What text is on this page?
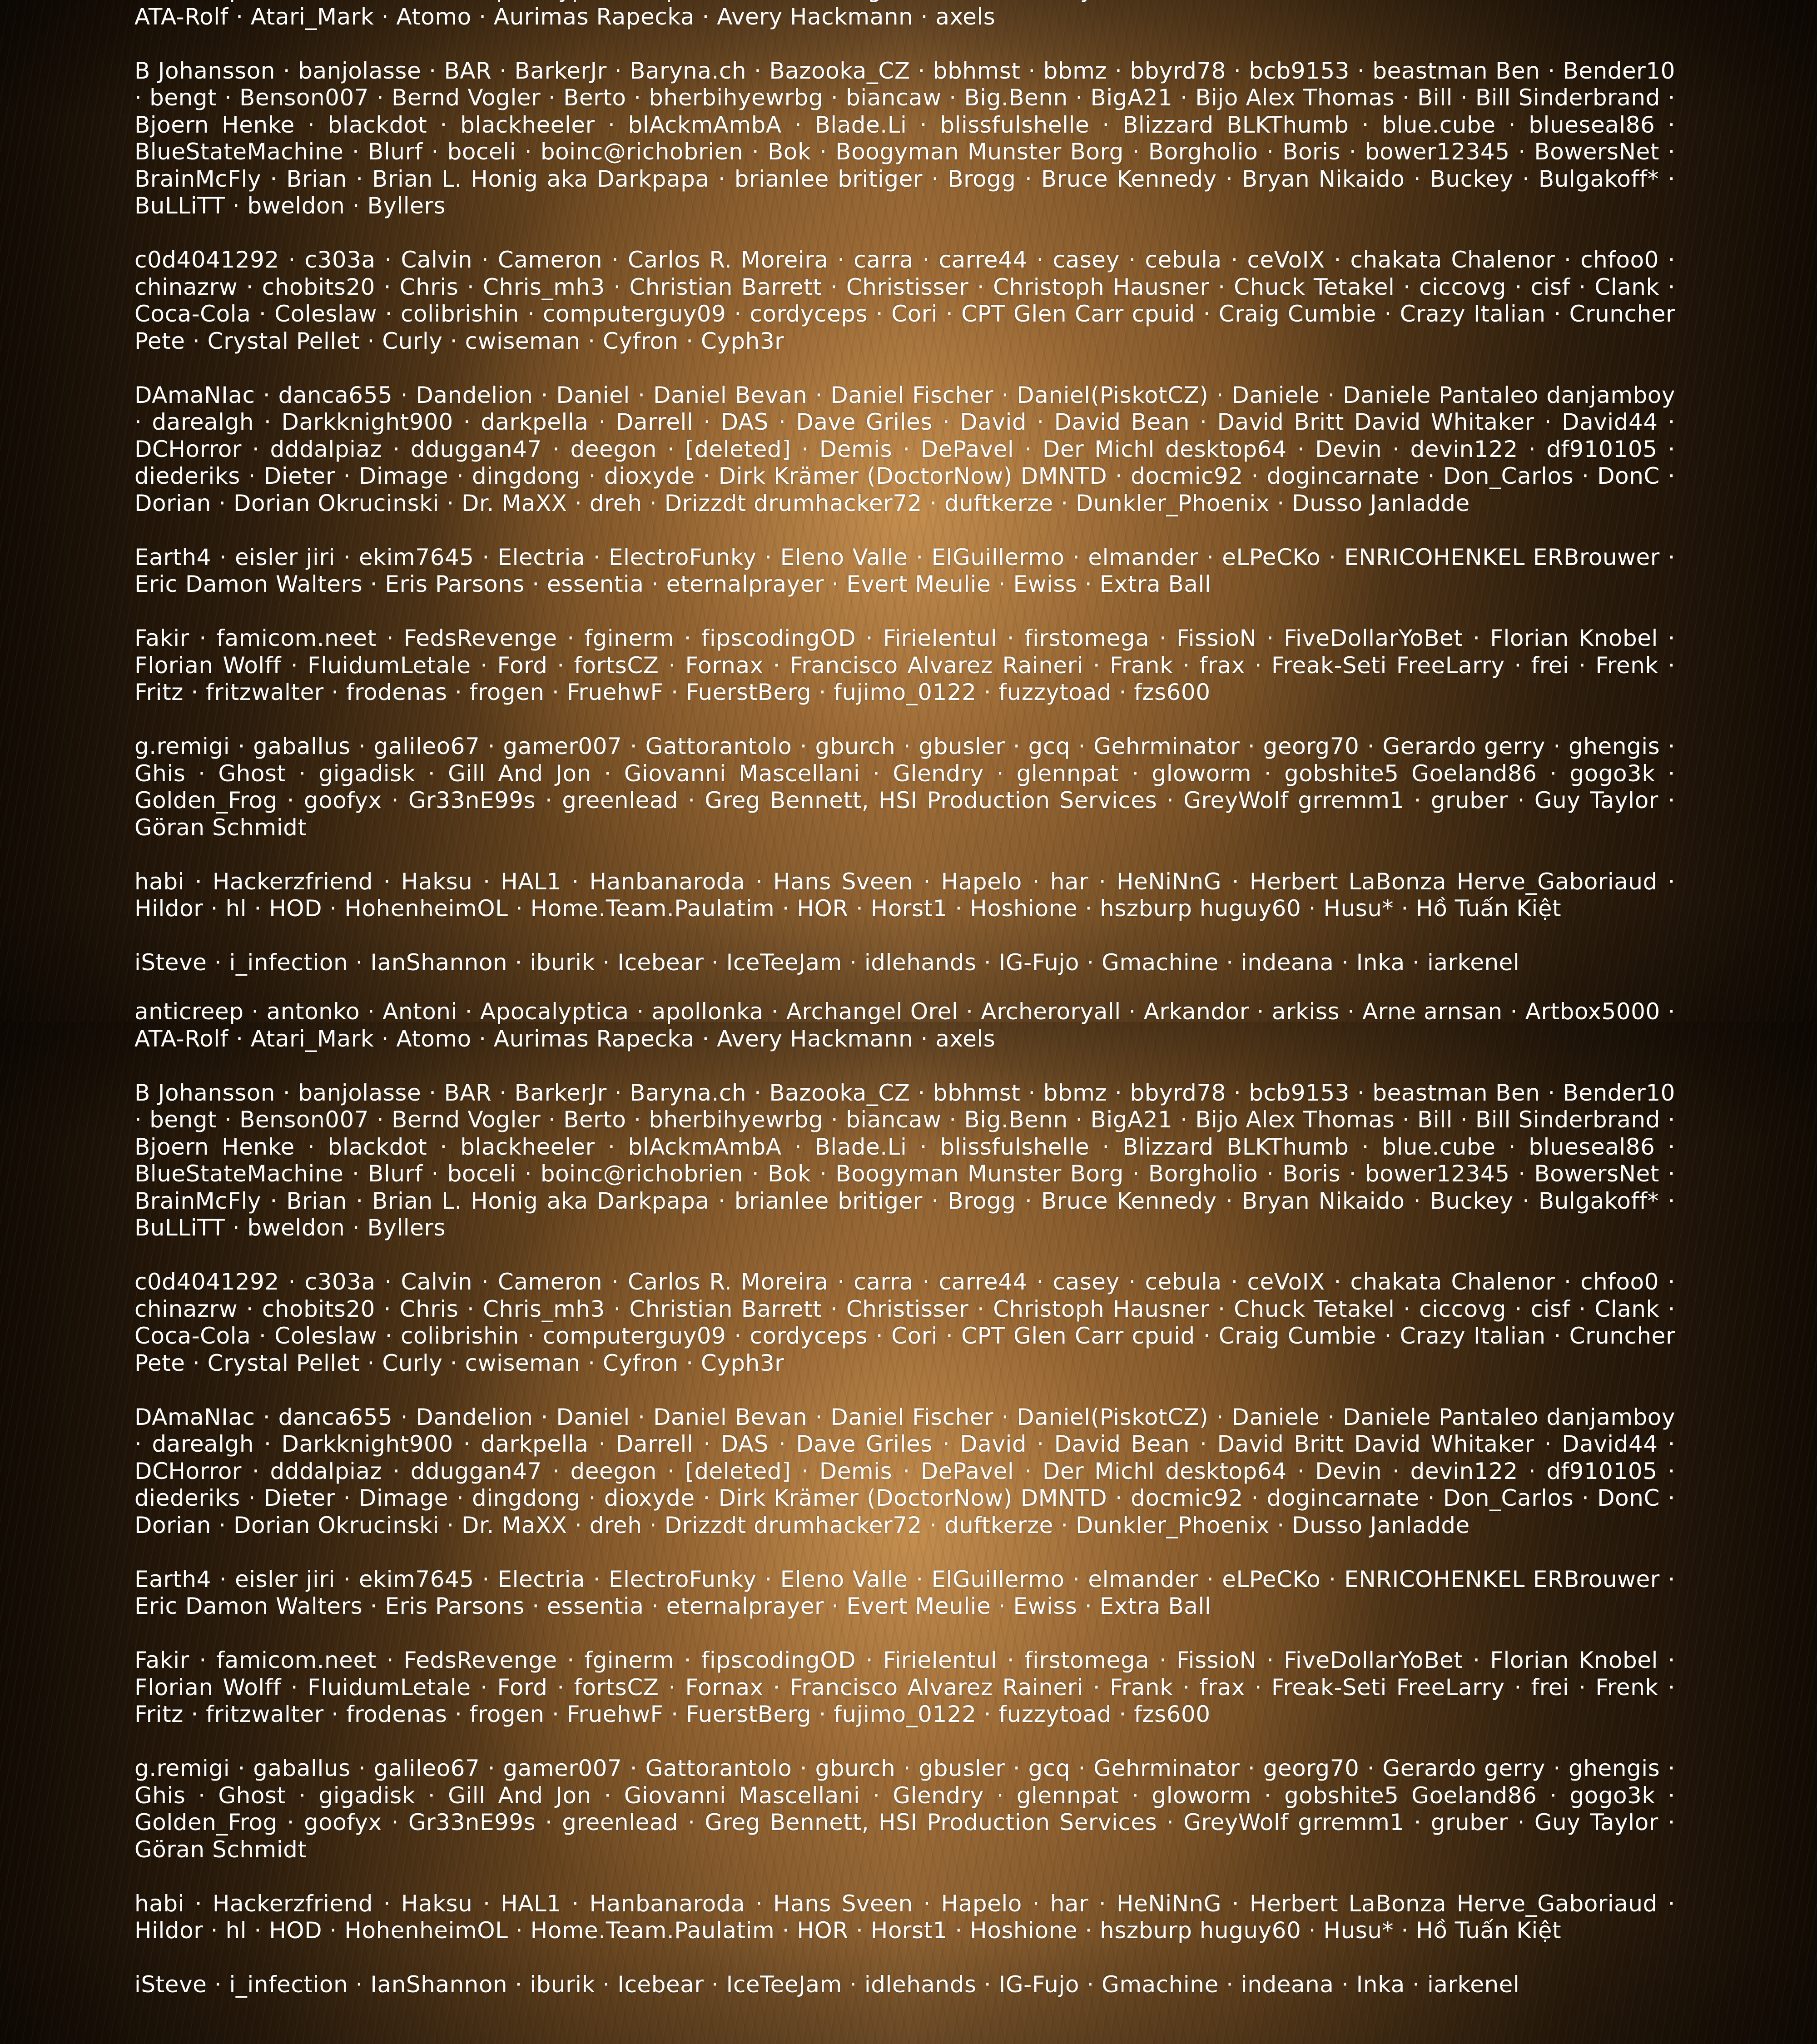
ATA-Rolf · Atari_Mark · Atomo · Aurimas Rapecka · Avery Hackmann · axels

B Johansson · banjolasse · BAR · BarkerJr · Baryna.ch · Bazooka_CZ · bbhmst · bbmz · bbyrd78 · bcb9153 · beastman Ben · Bender10 · bengt · Benson007 · Bernd Vogler · Berto · bherbihyewrbg · biancaw · Big.Benn · BigA21 · Bijo Alex Thomas · Bill · Bill Sinderbrand · Bjoern Henke · blackdot · blackheeler · blAckmAmbA · Blade.Li · blissfulshelle · Blizzard BLKThumb · blue.cube · blueseal86 · BlueStateMachine · Blurf · boceli · boinc@richobrien · Bok · Boogyman Munster Borg · Borgholio · Boris · bower12345 · BowersNet · BrainMcFly · Brian · Brian L. Honig aka Darkpapa · brianlee britiger · Brogg · Bruce Kennedy · Bryan Nikaido · Buckey · Bulgakoff* · BuLLiTT · bweldon · Byllers

c0d4041292 · c303a · Calvin · Cameron · Carlos R. Moreira · carra · carre44 · casey · cebula · ceVoIX · chakata Chalenor · chfoo0 · chinazrw · chobits20 · Chris · Chris_mh3 · Christian Barrett · Christisser · Christoph Hausner · Chuck Tetakel · ciccovg · cisf · Clank · Coca-Cola · Coleslaw · colibrishin · computerguy09 · cordyceps · Cori · CPT Glen Carr cpuid · Craig Cumbie · Crazy Italian · Cruncher Pete · Crystal Pellet · Curly · cwiseman · Cyfron · Cyph3r

DAmaNIac · danca655 · Dandelion · Daniel · Daniel Bevan · Daniel Fischer · Daniel(PiskotCZ) · Daniele · Daniele Pantaleo danjamboy · darealgh · Darkknight900 · darkpella · Darrell · DAS · Dave Griles · David · David Bean · David Britt David Whitaker · David44 · DCHorror · dddalpiaz · dduggan47 · deegon · [deleted] · Demis · DePavel · Der Michl desktop64 · Devin · devin122 · df910105 · diederiks · Dieter · Dimage · dingdong · dioxyde · Dirk Krämer (DoctorNow) DMNTD · docmic92 · dogincarnate · Don_Carlos · DonC · Dorian · Dorian Okrucinski · Dr. MaXX · dreh · Drizzdt drumhacker72 · duftkerze · Dunkler_Phoenix · Dusso Janladde

Earth4 · eisler jiri · ekim7645 · Electria · ElectroFunky · Eleno Valle · ElGuillermo · elmander · eLPeCKo · ENRICOHENKEL ERBrouwer · Eric Damon Walters · Eris Parsons · essentia · eternalprayer · Evert Meulie · Ewiss · Extra Ball

Fakir · famicom.neet · FedsRevenge · fginerm · fipscodingOD · Firielentul · firstomega · FissioN · FiveDollarYoBet · Florian Knobel · Florian Wolff · FluidumLetale · Ford · fortsCZ · Fornax · Francisco Alvarez Raineri · Frank · frax · Freak-Seti FreeLarry · frei · Frenk · Fritz · fritzwalter · frodenas · frogen · FruehwF · FuerstBerg · fujimo_0122 · fuzzytoad · fzs600

g.remigi · gaballus · galileo67 · gamer007 · Gattorantolo · gburch · gbusler · gcq · Gehrminator · georg70 · Gerardo gerry · ghengis · Ghis · Ghost · gigadisk · Gill And Jon · Giovanni Mascellani · Glendry · glennpat · gloworm · gobshite5 Goeland86 · gogo3k · Golden_Frog · goofyx · Gr33nE99s · greenlead · Greg Bennett, HSI Production Services · GreyWolf grremm1 · gruber · Guy Taylor · Göran Schmidt

habi · Hackerzfriend · Haksu · HAL1 · Hanbanaroda · Hans Sveen · Hapelo · har · HeNiNnG · Herbert LaBonza Herve_Gaboriaud · Hildor · hl · HOD · HohenheimOL · Home.Team.Paulatim · HOR · Horst1 · Hoshione · hszburp huguy60 · Husu* · Hồ Tuấn Kiệt

iSteve · i_infection · IanShannon · iburik · Icebear · IceTeeJam · idlehands · IG-Fujo · Gmachine · indeana · Inka · iarkenel

anticreep · antonko · Antoni · Apocalyptica · apollonka · Archangel Orel · Archeroryall · Arkandor · arkiss · Arne arnsan · Artbox5000 · ATA-Rolf · Atari_Mark · Atomo · Aurimas Rapecka · Avery Hackmann · axels

B Johansson · banjolasse · BAR · BarkerJr · Baryna.ch · Bazooka_CZ · bbhmst · bbmz · bbyrd78 · bcb9153 · beastman Ben · Bender10 · bengt · Benson007 · Bernd Vogler · Berto · bherbihyewrbg · biancaw · Big.Benn · BigA21 · Bijo Alex Thomas · Bill · Bill Sinderbrand · Bjoern Henke · blackdot · blackheeler · blAckmAmbA · Blade.Li · blissfulshelle · Blizzard BLKThumb · blue.cube · blueseal86 · BlueStateMachine · Blurf · boceli · boinc@richobrien · Bok · Boogyman Munster Borg · Borgholio · Boris · bower12345 · BowersNet · BrainMcFly · Brian · Brian L. Honig aka Darkpapa · brianlee britiger · Brogg · Bruce Kennedy · Bryan Nikaido · Buckey · Bulgakoff* · BuLLiTT · bweldon · Byllers

c0d4041292 · c303a · Calvin · Cameron · Carlos R. Moreira · carra · carre44 · casey · cebula · ceVoIX · chakata Chalenor · chfoo0 · chinazrw · chobits20 · Chris · Chris_mh3 · Christian Barrett · Christisser · Christoph Hausner · Chuck Tetakel · ciccovg · cisf · Clank · Coca-Cola · Coleslaw · colibrishin · computerguy09 · cordyceps · Cori · CPT Glen Carr cpuid · Craig Cumbie · Crazy Italian · Cruncher Pete · Crystal Pellet · Curly · cwiseman · Cyfron · Cyph3r

DAmaNIac · danca655 · Dandelion · Daniel · Daniel Bevan · Daniel Fischer · Daniel(PiskotCZ) · Daniele · Daniele Pantaleo danjamboy · darealgh · Darkknight900 · darkpella · Darrell · DAS · Dave Griles · David · David Bean · David Britt David Whitaker · David44 · DCHorror · dddalpiaz · dduggan47 · deegon · [deleted] · Demis · DePavel · Der Michl desktop64 · Devin · devin122 · df910105 · diederiks · Dieter · Dimage · dingdong · dioxyde · Dirk Krämer (DoctorNow) DMNTD · docmic92 · dogincarnate · Don_Carlos · DonC · Dorian · Dorian Okrucinski · Dr. MaXX · dreh · Drizzdt drumhacker72 · duftkerze · Dunkler_Phoenix · Dusso Janladde

Earth4 · eisler jiri · ekim7645 · Electria · ElectroFunky · Eleno Valle · ElGuillermo · elmander · eLPeCKo · ENRICOHENKEL ERBrouwer · Eric Damon Walters · Eris Parsons · essentia · eternalprayer · Evert Meulie · Ewiss · Extra Ball

Fakir · famicom.neet · FedsRevenge · fginerm · fipscodingOD · Firielentul · firstomega · FissioN · FiveDollarYoBet · Florian Knobel · Florian Wolff · FluidumLetale · Ford · fortsCZ · Fornax · Francisco Alvarez Raineri · Frank · frax · Freak-Seti FreeLarry · frei · Frenk · Fritz · fritzwalter · frodenas · frogen · FruehwF · FuerstBerg · fujimo_0122 · fuzzytoad · fzs600

g.remigi · gaballus · galileo67 · gamer007 · Gattorantolo · gburch · gbusler · gcq · Gehrminator · georg70 · Gerardo gerry · ghengis · Ghis · Ghost · gigadisk · Gill And Jon · Giovanni Mascellani · Glendry · glennpat · gloworm · gobshite5 Goeland86 · gogo3k · Golden_Frog · goofyx · Gr33nE99s · greenlead · Greg Bennett, HSI Production Services · GreyWolf grremm1 · gruber · Guy Taylor · Göran Schmidt

habi · Hackerzfriend · Haksu · HAL1 · Hanbanaroda · Hans Sveen · Hapelo · har · HeNiNnG · Herbert LaBonza Herve_Gaboriaud · Hildor · hl · HOD · HohenheimOL · Home.Team.Paulatim · HOR · Horst1 · Hoshione · hszburp huguy60 · Husu* · Hồ Tuấn Kiệt

iSteve · i_infection · IanShannon · iburik · Icebear · IceTeeJam · idlehands · IG-Fujo · Gmachine · indeana · Inka · iarkenel
